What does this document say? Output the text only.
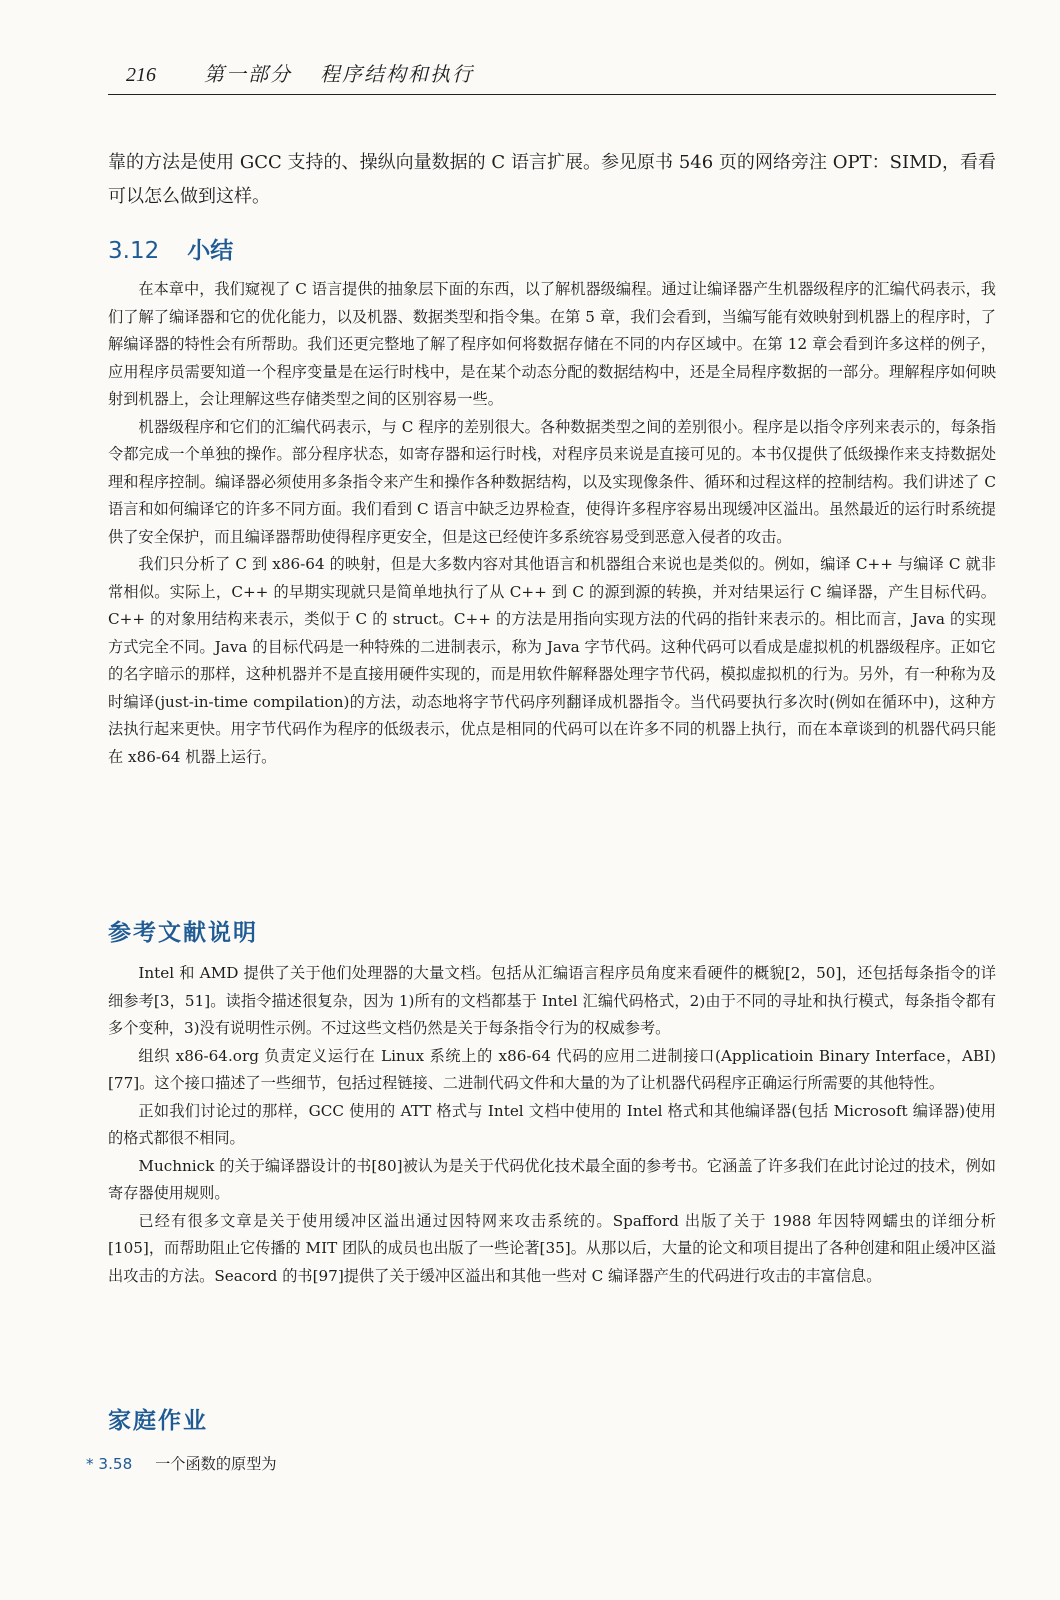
216 第一部分 程序结构和执行

靠的方法是使用 GCC 支持的、操纵向量数据的 C 语言扩展。参见原书 546 页的网络旁注 OPT：SIMD，看看可以怎么做到这样。

3.12 小结

在本章中，我们窥视了 C 语言提供的抽象层下面的东西，以了解机器级编程。通过让编译器产生机器级程序的汇编代码表示，我们了解了编译器和它的优化能力，以及机器、数据类型和指令集。在第 5 章，我们会看到，当编写能有效映射到机器上的程序时，了解编译器的特性会有所帮助。我们还更完整地了解了程序如何将数据存储在不同的内存区域中。在第 12 章会看到许多这样的例子，应用程序员需要知道一个程序变量是在运行时栈中，是在某个动态分配的数据结构中，还是全局程序数据的一部分。理解程序如何映射到机器上，会让理解这些存储类型之间的区别容易一些。

机器级程序和它们的汇编代码表示，与 C 程序的差别很大。各种数据类型之间的差别很小。程序是以指令序列来表示的，每条指令都完成一个单独的操作。部分程序状态，如寄存器和运行时栈，对程序员来说是直接可见的。本书仅提供了低级操作来支持数据处理和程序控制。编译器必须使用多条指令来产生和操作各种数据结构，以及实现像条件、循环和过程这样的控制结构。我们讲述了 C 语言和如何编译它的许多不同方面。我们看到 C 语言中缺乏边界检查，使得许多程序容易出现缓冲区溢出。虽然最近的运行时系统提供了安全保护，而且编译器帮助使得程序更安全，但是这已经使许多系统容易受到恶意入侵者的攻击。

我们只分析了 C 到 x86-64 的映射，但是大多数内容对其他语言和机器组合来说也是类似的。例如，编译 C++ 与编译 C 就非常相似。实际上，C++ 的早期实现就只是简单地执行了从 C++ 到 C 的源到源的转换，并对结果运行 C 编译器，产生目标代码。C++ 的对象用结构来表示，类似于 C 的 struct。C++ 的方法是用指向实现方法的代码的指针来表示的。相比而言，Java 的实现方式完全不同。Java 的目标代码是一种特殊的二进制表示，称为 Java 字节代码。这种代码可以看成是虚拟机的机器级程序。正如它的名字暗示的那样，这种机器并不是直接用硬件实现的，而是用软件解释器处理字节代码，模拟虚拟机的行为。另外，有一种称为及时编译(just-in-time compilation)的方法，动态地将字节代码序列翻译成机器指令。当代码要执行多次时(例如在循环中)，这种方法执行起来更快。用字节代码作为程序的低级表示，优点是相同的代码可以在许多不同的机器上执行，而在本章谈到的机器代码只能在 x86-64 机器上运行。

参考文献说明

Intel 和 AMD 提供了关于他们处理器的大量文档。包括从汇编语言程序员角度来看硬件的概貌[2，50]，还包括每条指令的详细参考[3，51]。读指令描述很复杂，因为 1)所有的文档都基于 Intel 汇编代码格式，2)由于不同的寻址和执行模式，每条指令都有多个变种，3)没有说明性示例。不过这些文档仍然是关于每条指令行为的权威参考。

组织 x86-64.org 负责定义运行在 Linux 系统上的 x86-64 代码的应用二进制接口(Applicatioin Binary Interface，ABI)[77]。这个接口描述了一些细节，包括过程链接、二进制代码文件和大量的为了让机器代码程序正确运行所需要的其他特性。

正如我们讨论过的那样，GCC 使用的 ATT 格式与 Intel 文档中使用的 Intel 格式和其他编译器(包括 Microsoft 编译器)使用的格式都很不相同。

Muchnick 的关于编译器设计的书[80]被认为是关于代码优化技术最全面的参考书。它涵盖了许多我们在此讨论过的技术，例如寄存器使用规则。

已经有很多文章是关于使用缓冲区溢出通过因特网来攻击系统的。Spafford 出版了关于 1988 年因特网蠕虫的详细分析[105]，而帮助阻止它传播的 MIT 团队的成员也出版了一些论著[35]。从那以后，大量的论文和项目提出了各种创建和阻止缓冲区溢出攻击的方法。Seacord 的书[97]提供了关于缓冲区溢出和其他一些对 C 编译器产生的代码进行攻击的丰富信息。

家庭作业
* 3.58 一个函数的原型为
